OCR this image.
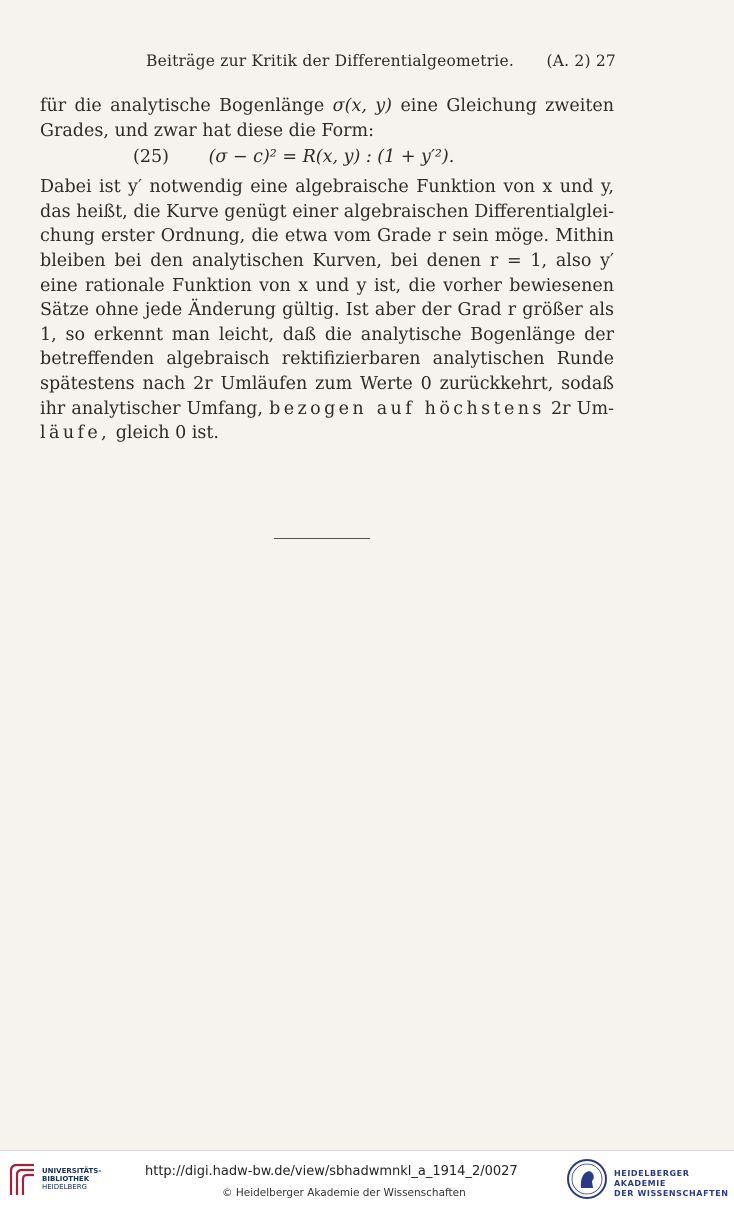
Beiträge zur Kritik der Differentialgeometrie. (A. 2) 27
für die analytische Bogenlänge σ(x, y) eine Gleichung zweiten
Grades, und zwar hat diese die Form:
(25) (σ − c)² = R(x, y) : (1 + y′²).
Dabei ist y′ notwendig eine algebraische Funktion von x und y,
das heißt, die Kurve genügt einer algebraischen Differentialglei-
chung erster Ordnung, die etwa vom Grade r sein möge. Mithin
bleiben bei den analytischen Kurven, bei denen r = 1, also y′
eine rationale Funktion von x und y ist, die vorher bewiesenen
Sätze ohne jede Änderung gültig. Ist aber der Grad r größer als
1, so erkennt man leicht, daß die analytische Bogenlänge der
betreffenden algebraisch rektifizierbaren analytischen Runde
spätestens nach 2r Umläufen zum Werte 0 zurückkehrt, sodaß
ihr analytischer Umfang, bezogen auf höchstens 2r Um-
läufe, gleich 0 ist.
UNIVERSITÄTS-
BIBLIOTHEK
HEIDELBERG
http://digi.hadw-bw.de/view/sbhadwmnkl_a_1914_2/0027
© Heidelberger Akademie der Wissenschaften
HEIDELBERGER AKADEMIE
DER WISSENSCHAFTEN
